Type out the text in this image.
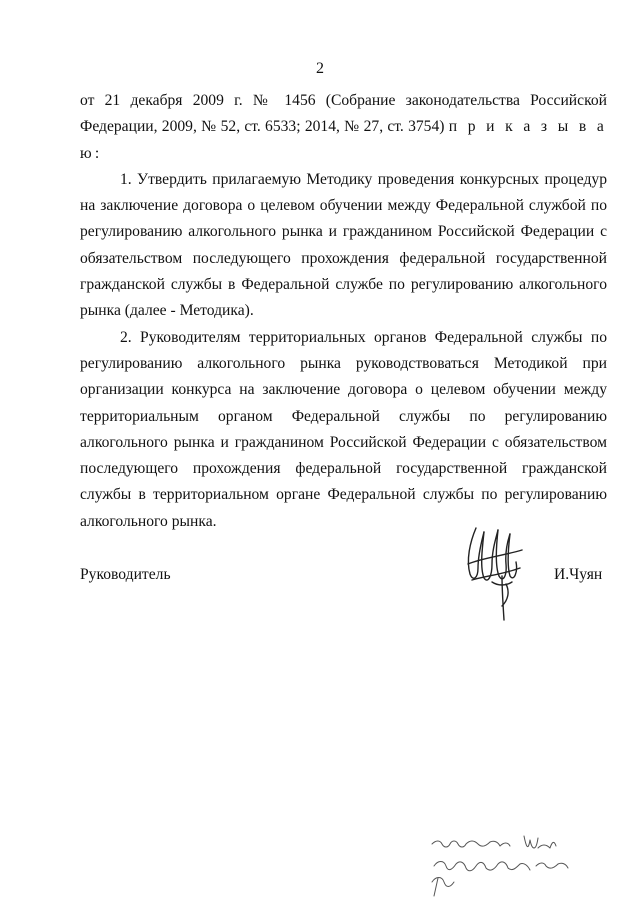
2

от 21 декабря 2009 г. № 1456 (Собрание законодательства Российской Федерации, 2009, № 52, ст. 6533; 2014, № 27, ст. 3754) п р и к а з ы в а ю:

1. Утвердить прилагаемую Методику проведения конкурсных процедур на заключение договора о целевом обучении между Федеральной службой по регулированию алкогольного рынка и гражданином Российской Федерации с обязательством последующего прохождения федеральной государственной гражданской службы в Федеральной службе по регулированию алкогольного рынка (далее - Методика).

2. Руководителям территориальных органов Федеральной службы по регулированию алкогольного рынка руководствоваться Методикой при организации конкурса на заключение договора о целевом обучении между территориальным органом Федеральной службы по регулированию алкогольного рынка и гражданином Российской Федерации с обязательством последующего прохождения федеральной государственной гражданской службы в территориальном органе Федеральной службы по регулированию алкогольного рынка.

Руководитель	И.Чуян
